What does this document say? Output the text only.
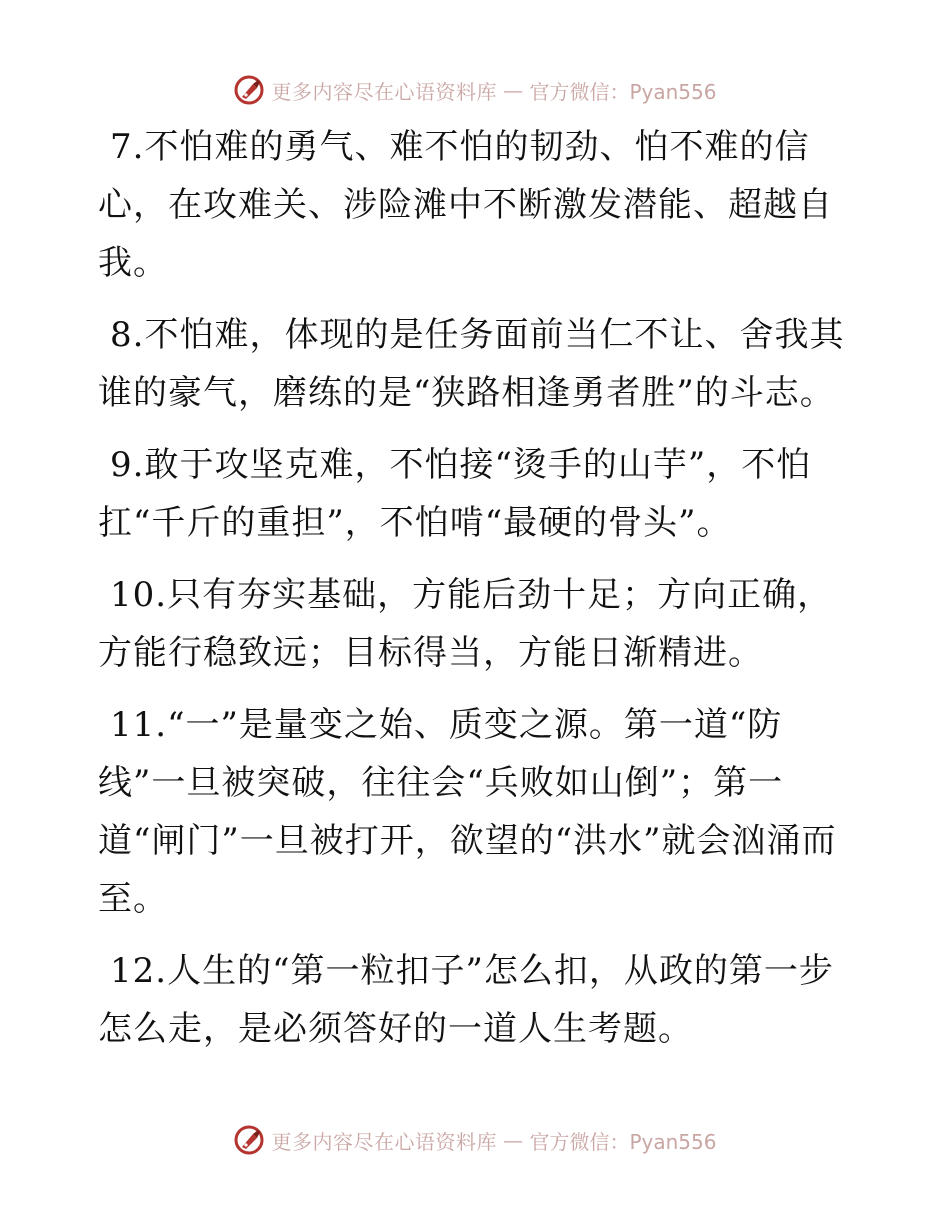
更多内容尽在心语资料库 — 官方微信：Pyan556

7.不怕难的勇气、难不怕的韧劲、怕不难的信心，在攻难关、涉险滩中不断激发潜能、超越自我。

8.不怕难，体现的是任务面前当仁不让、舍我其谁的豪气，磨练的是“狭路相逢勇者胜”的斗志。

9.敢于攻坚克难，不怕接“烫手的山芋”，不怕扛“千斤的重担”，不怕啃“最硬的骨头”。

10.只有夯实基础，方能后劲十足；方向正确，方能行稳致远；目标得当，方能日渐精进。

11.“一”是量变之始、质变之源。第一道“防线”一旦被突破，往往会“兵败如山倒”；第一道“闸门”一旦被打开，欲望的“洪水”就会汹涌而至。

12.人生的“第一粒扣子”怎么扣，从政的第一步怎么走，是必须答好的一道人生考题。

更多内容尽在心语资料库 — 官方微信：Pyan556
